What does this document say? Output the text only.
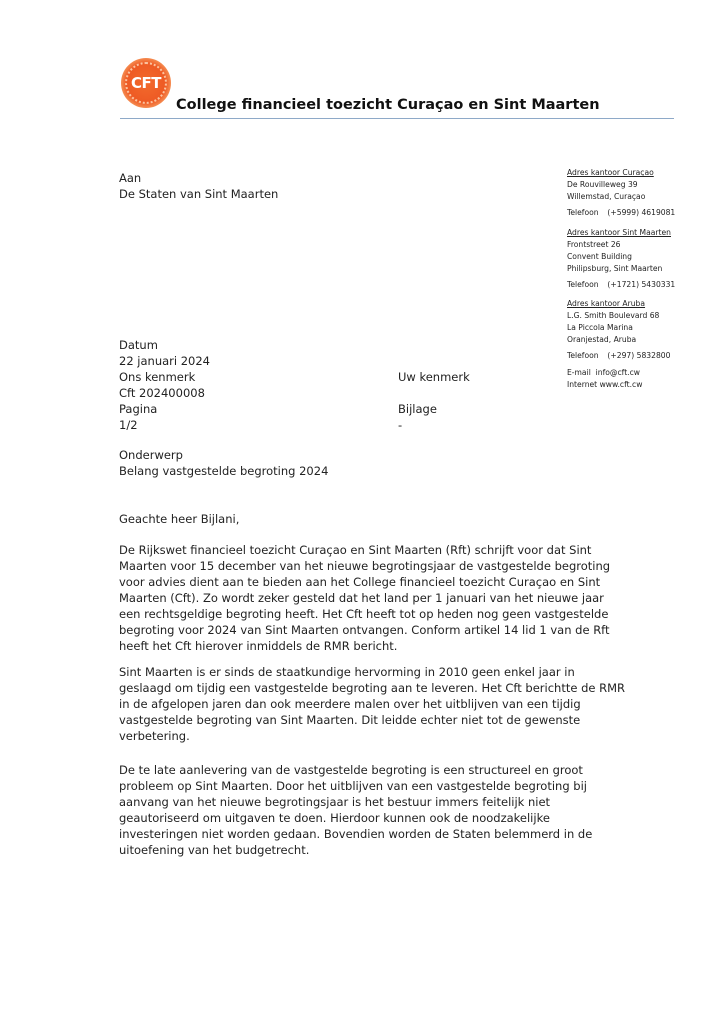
CFT
College financieel toezicht Curaçao en Sint Maarten
Aan
De Staten van Sint Maarten
Adres kantoor Curaçao
De Rouvilleweg 39
Willemstad, Curaçao
Telefoon (+5999) 4619081
Adres kantoor Sint Maarten
Frontstreet 26
Convent Building
Philipsburg, Sint Maarten
Telefoon (+1721) 5430331
Adres kantoor Aruba
L.G. Smith Boulevard 68
La Piccola Marina
Oranjestad, Aruba
Telefoon (+297) 5832800
E-mail info@cft.cw
Internet www.cft.cw
Datum
22 januari 2024
Ons kenmerk
Cft 202400008
Pagina
1/2
Uw kenmerk
Bijlage
-
Onderwerp
Belang vastgestelde begroting 2024
Geachte heer Bijlani,

De Rijkswet financieel toezicht Curaçao en Sint Maarten (Rft) schrijft voor dat Sint

Maarten voor 15 december van het nieuwe begrotingsjaar de vastgestelde begroting

voor advies dient aan te bieden aan het College financieel toezicht Curaçao en Sint

Maarten (Cft). Zo wordt zeker gesteld dat het land per 1 januari van het nieuwe jaar

een rechtsgeldige begroting heeft. Het Cft heeft tot op heden nog geen vastgestelde

begroting voor 2024 van Sint Maarten ontvangen. Conform artikel 14 lid 1 van de Rft

heeft het Cft hierover inmiddels de RMR bericht.

Sint Maarten is er sinds de staatkundige hervorming in 2010 geen enkel jaar in

geslaagd om tijdig een vastgestelde begroting aan te leveren. Het Cft berichtte de RMR

in de afgelopen jaren dan ook meerdere malen over het uitblijven van een tijdig

vastgestelde begroting van Sint Maarten. Dit leidde echter niet tot de gewenste

verbetering.

De te late aanlevering van de vastgestelde begroting is een structureel en groot

probleem op Sint Maarten. Door het uitblijven van een vastgestelde begroting bij

aanvang van het nieuwe begrotingsjaar is het bestuur immers feitelijk niet

geautoriseerd om uitgaven te doen. Hierdoor kunnen ook de noodzakelijke

investeringen niet worden gedaan. Bovendien worden de Staten belemmerd in de

uitoefening van het budgetrecht.
